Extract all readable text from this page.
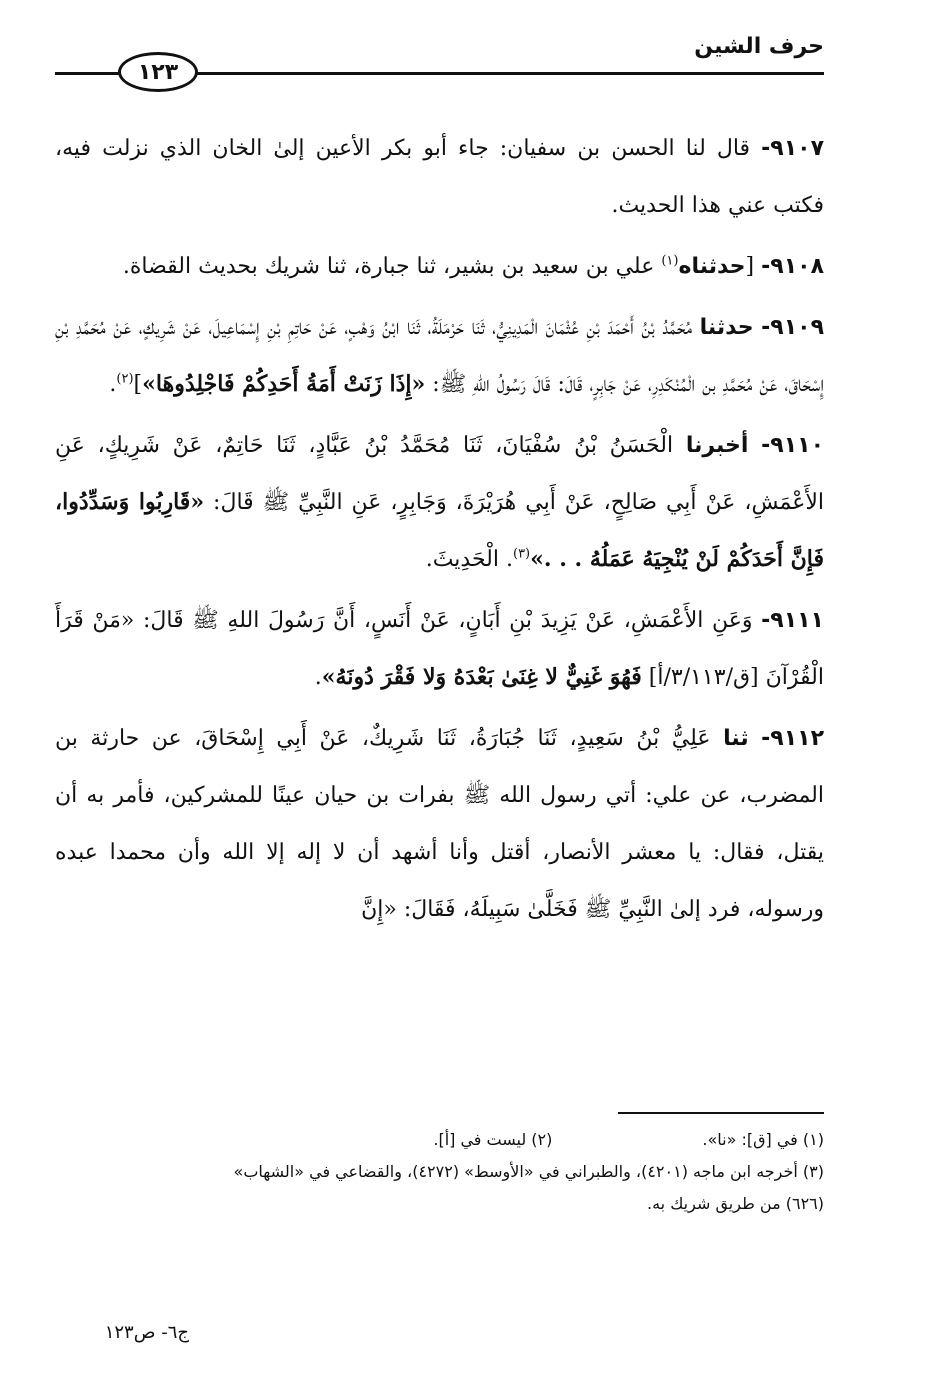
حرف الشين
١٢٣

٩١٠٧- قال لنا الحسن بن سفيان: جاء أبو بكر الأعين إلىٰ الخان الذي نزلت فيه، فكتب عني هذا الحديث.

٩١٠٨- [حدثناه$^{(١)}$ علي بن سعيد بن بشير، ثنا جبارة، ثنا شريك بحديث القضاة.

٩١٠٩- حدثنا مُحَمَّدُ بْنُ أَحْمَدَ بْنِ عُثْمَانَ الْمَدِينِيُّ، ثَنَا حَرْمَلَةُ، ثَنَا ابْنُ وَهْبٍ، عَنْ حَاتِمِ بْنِ إِسْمَاعِيلَ، عَنْ شَرِيكٍ، عَنْ مُحَمَّدِ بْنِ إِسْحَاقَ، عَنْ مُحَمَّدِ بن الْمُنْكَدِرِ، عَنْ جَابِرٍ، قَالَ: قَالَ رَسُولُ اللهِ ﷺ: «إِذَا زَنَتْ أَمَةُ أَحَدِكُمْ فَاجْلِدُوهَا»]$^{(٢)}$.

٩١١٠- أخبرنا الْحَسَنُ بْنُ سُفْيَانَ، ثَنَا مُحَمَّدُ بْنُ عَبَّادٍ، ثَنَا حَاتِمٌ، عَنْ شَرِيكٍ، عَنِ الأَعْمَشِ، عَنْ أَبِي صَالِحٍ، عَنْ أَبِي هُرَيْرَةَ، وَجَابِرٍ، عَنِ النَّبِيِّ ﷺ قَالَ: «قَارِبُوا وَسَدِّدُوا، فَإِنَّ أَحَدَكُمْ لَنْ يُنْجِيَهُ عَمَلُهُ . . .»$^{(٣)}$. الْحَدِيثَ.

٩١١١- وَعَنِ الأَعْمَشِ، عَنْ يَزِيدَ بْنِ أَبَانٍ، عَنْ أَنَسٍ، أَنَّ رَسُولَ اللهِ ﷺ قَالَ: «مَنْ قَرَأَ الْقُرْآنَ [ق/٣/١١٣/أ] فَهُوَ غَنِيٌّ لا غِنَىٰ بَعْدَهُ وَلا فَقْرَ دُونَهُ».

٩١١٢- ثنا عَلِيُّ بْنُ سَعِيدٍ، ثَنَا جُبَارَةُ، ثَنَا شَرِيكٌ، عَنْ أَبِي إِسْحَاقَ، عن حارثة بن المضرب، عن علي: أتي رسول الله ﷺ بفرات بن حيان عينًا للمشركين، فأمر به أن يقتل، فقال: يا معشر الأنصار، أقتل وأنا أشهد أن لا إله إلا الله وأن محمدا عبده ورسوله، فرد إلىٰ النَّبِيِّ ﷺ فَخَلَّىٰ سَبِيلَهُ، فَقَالَ: «إِنَّ

(١) في [ق]: «نا».
(٢) ليست في [أ].

(٣) أخرجه ابن ماجه (٤٢٠١)، والطبراني في «الأوسط» (٤٢٧٢)، والقضاعي في «الشهاب»

(٦٢٦) من طريق شريك به.

ج٦- ص١٢٣
